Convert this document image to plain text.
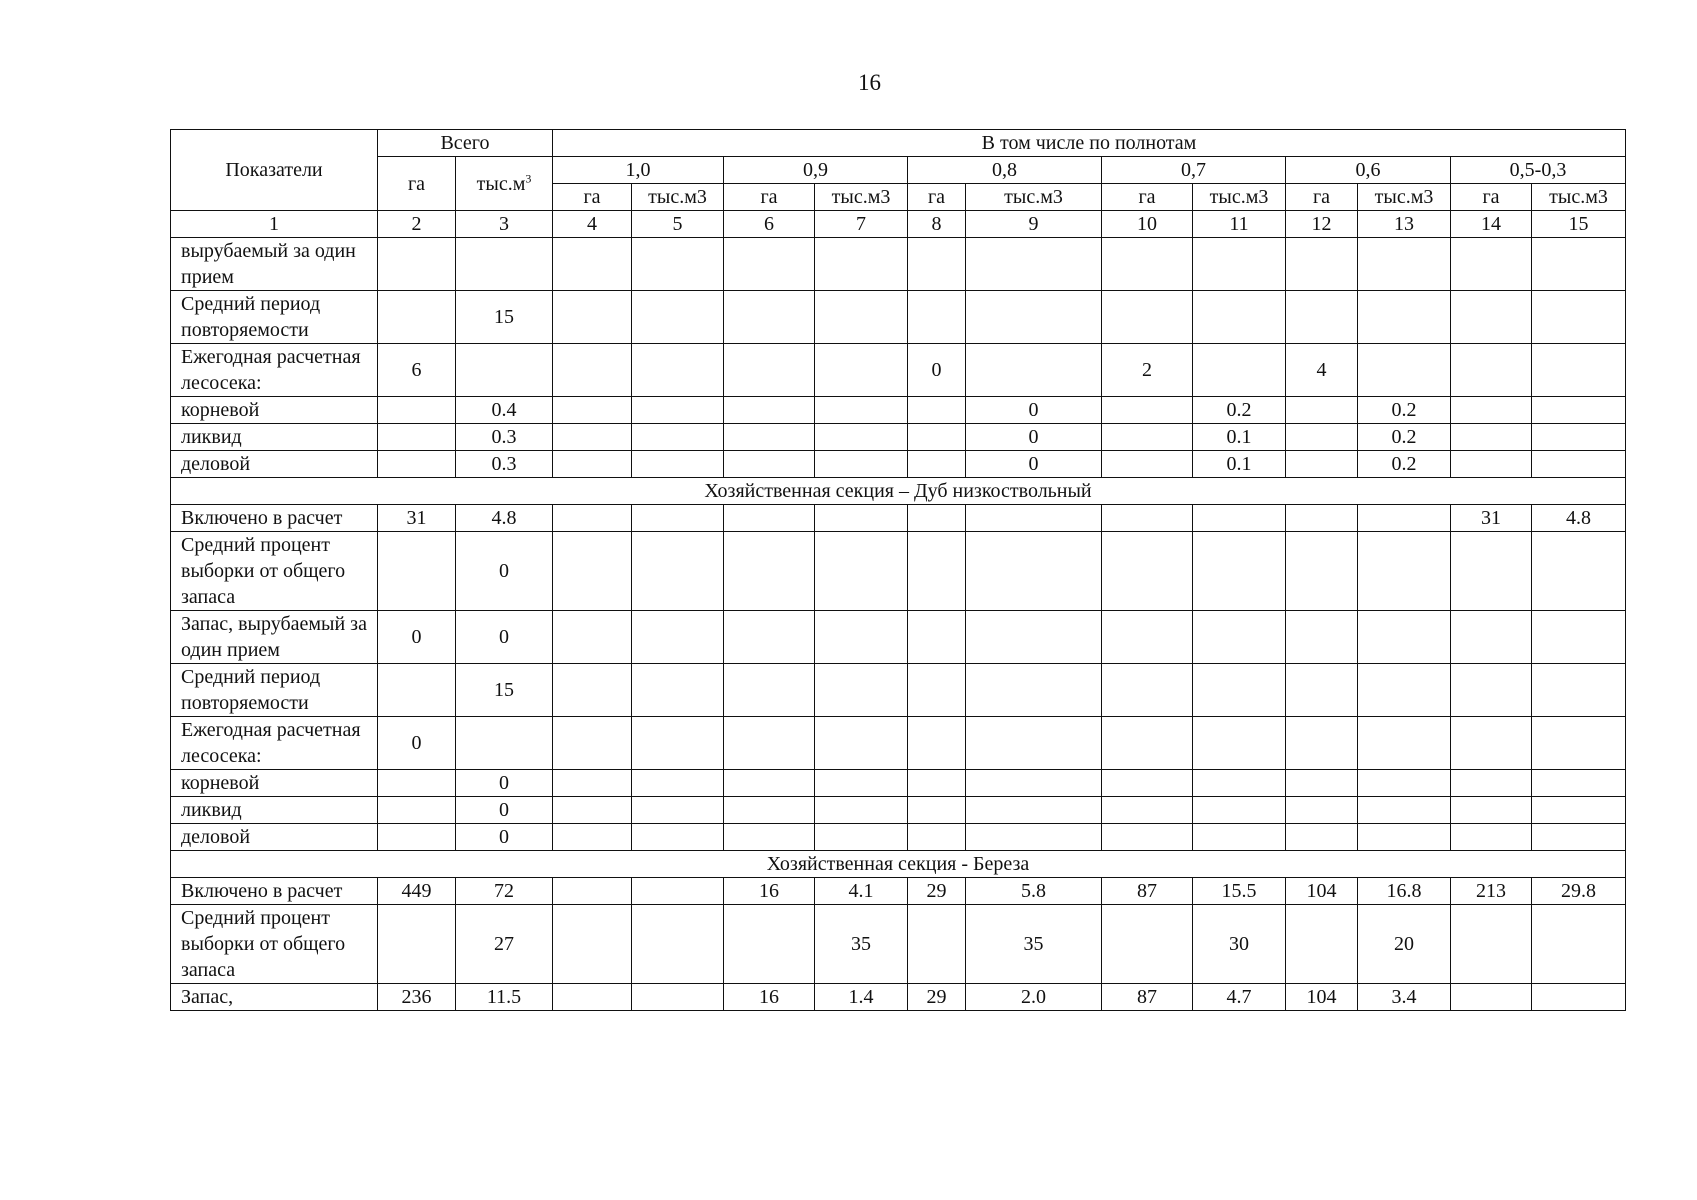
16
Показатели	Всего		В том числе по полнотам											
	га	$тыс.м^3$	1,0		0,9		0,8		0,7		0,6		0,5-0,3	
			га	тыс.м3	га	тыс.м3	га	тыс.м3	га	тыс.м3	га	тыс.м3	га	тыс.м3
1	2	3	4	5	6	7	8	9	10	11	12	13	14	15
вырубаемый за один прием														
Средний период повторяемости		15												
Ежегодная расчетная лесосека:	6						0		2		4			
корневой		0.4						0		0.2		0.2		
ликвид		0.3						0		0.1		0.2		
деловой		0.3						0		0.1		0.2		
Хозяйственная секция – Дуб низкоствольный														
Включено в расчет	31	4.8											31	4.8
Средний процент выборки от общего запаса		0												
Запас, вырубаемый за один прием	0	0												
Средний период повторяемости		15												
Ежегодная расчетная лесосека:	0													
корневой		0												
ликвид		0												
деловой		0												
Хозяйственная секция - Береза														
Включено в расчет	449	72			16	4.1	29	5.8	87	15.5	104	16.8	213	29.8
Средний процент выборки от общего запаса		27				35		35		30		20		
Запас,	236	11.5			16	1.4	29	2.0	87	4.7	104	3.4		
